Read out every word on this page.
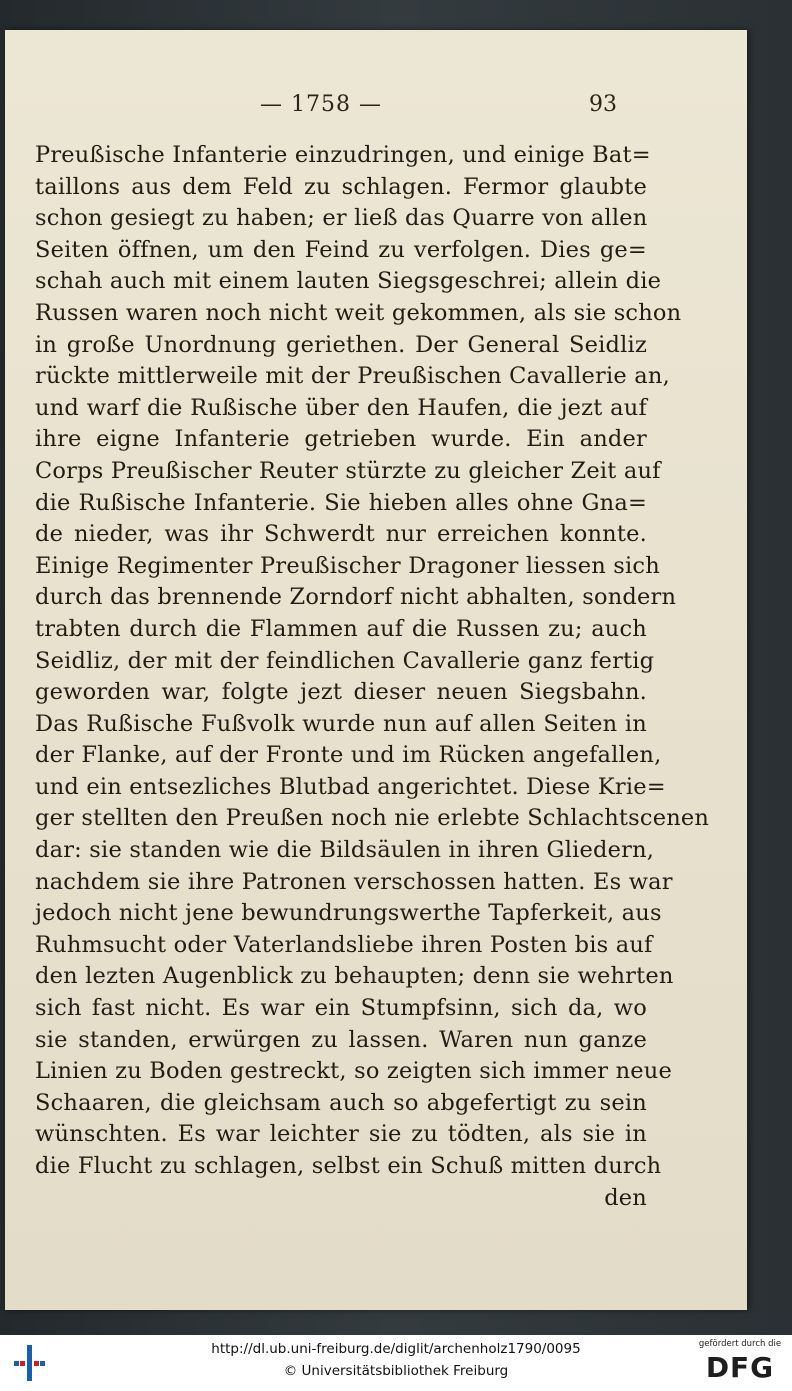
— 1758 —	93
Preußische Infanterie einzudringen, und einige Bat=
taillons aus dem Feld zu schlagen. Fermor glaubte
schon gesiegt zu haben; er ließ das Quarre von allen
Seiten öffnen, um den Feind zu verfolgen. Dies ge=
schah auch mit einem lauten Siegsgeschrei; allein die
Russen waren noch nicht weit gekommen, als sie schon
in große Unordnung geriethen. Der General Seidliz
rückte mittlerweile mit der Preußischen Cavallerie an,
und warf die Rußische über den Haufen, die jezt auf
ihre eigne Infanterie getrieben wurde. Ein ander
Corps Preußischer Reuter stürzte zu gleicher Zeit auf
die Rußische Infanterie. Sie hieben alles ohne Gna=
de nieder, was ihr Schwerdt nur erreichen konnte.
Einige Regimenter Preußischer Dragoner liessen sich
durch das brennende Zorndorf nicht abhalten, sondern
trabten durch die Flammen auf die Russen zu; auch
Seidliz, der mit der feindlichen Cavallerie ganz fertig
geworden war, folgte jezt dieser neuen Siegsbahn.
Das Rußische Fußvolk wurde nun auf allen Seiten in
der Flanke, auf der Fronte und im Rücken angefallen,
und ein entsezliches Blutbad angerichtet. Diese Krie=
ger stellten den Preußen noch nie erlebte Schlachtscenen
dar: sie standen wie die Bildsäulen in ihren Gliedern,
nachdem sie ihre Patronen verschossen hatten. Es war
jedoch nicht jene bewundrungswerthe Tapferkeit, aus
Ruhmsucht oder Vaterlandsliebe ihren Posten bis auf
den lezten Augenblick zu behaupten; denn sie wehrten
sich fast nicht. Es war ein Stumpfsinn, sich da, wo
sie standen, erwürgen zu lassen. Waren nun ganze
Linien zu Boden gestreckt, so zeigten sich immer neue
Schaaren, die gleichsam auch so abgefertigt zu sein
wünschten. Es war leichter sie zu tödten, als sie in
die Flucht zu schlagen, selbst ein Schuß mitten durch
den
http://dl.ub.uni-freiburg.de/diglit/archenholz1790/0095
© Universitätsbibliothek Freiburg
gefördert durch die
DFG
